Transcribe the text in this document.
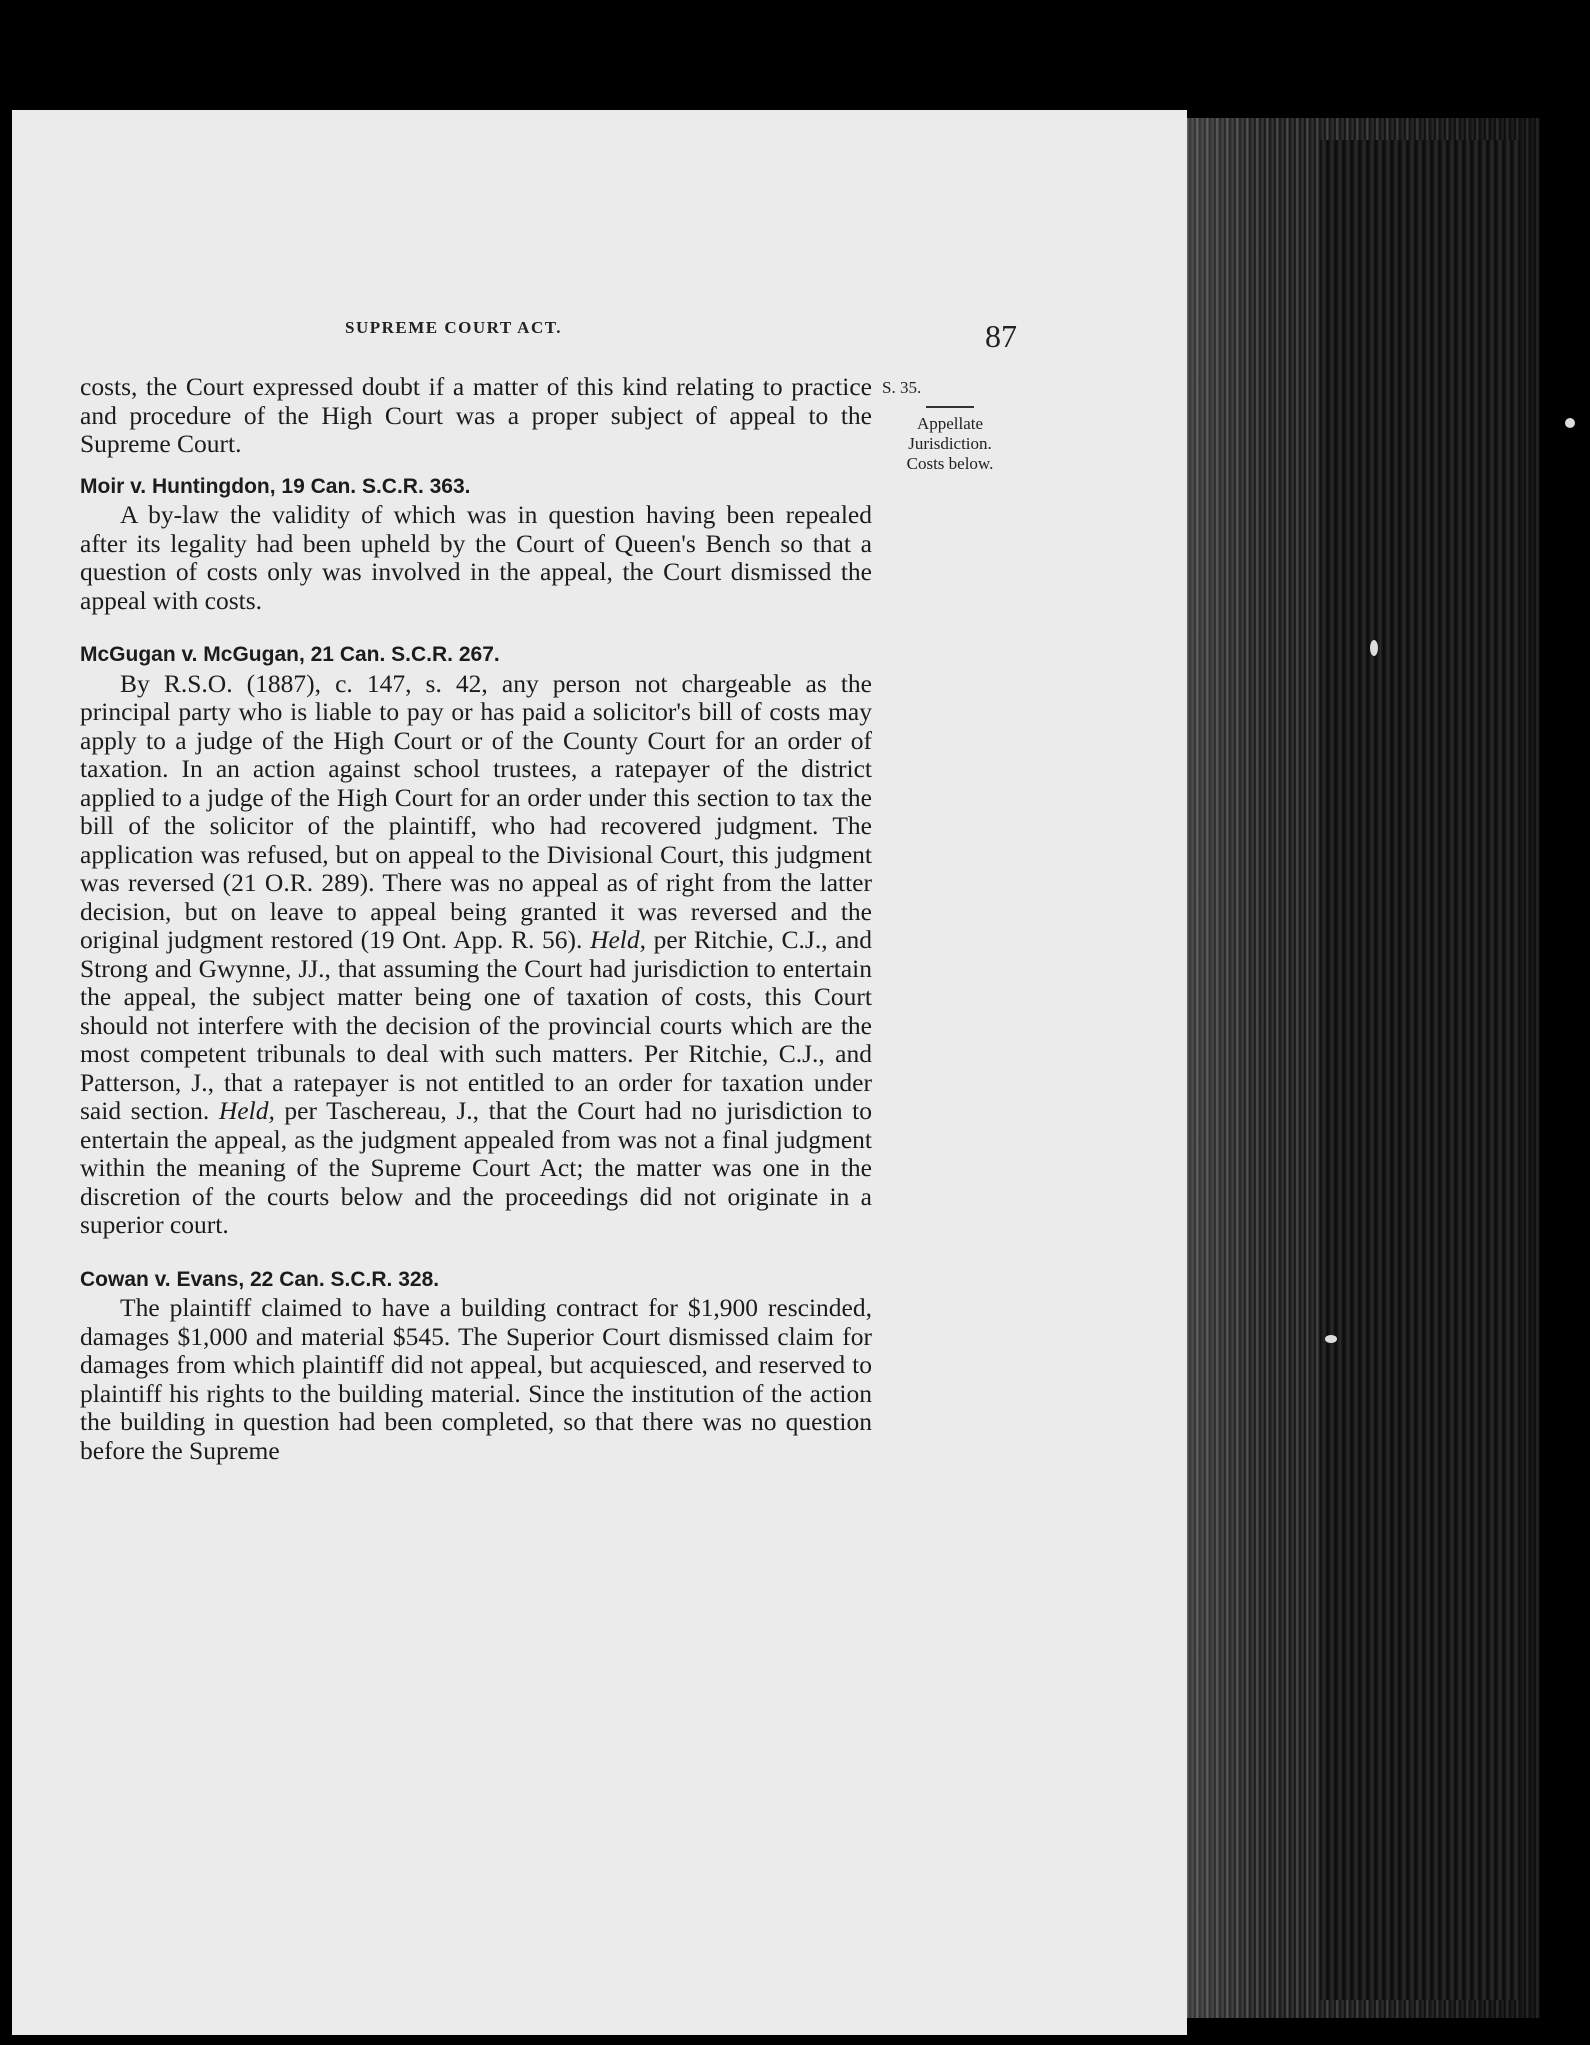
SUPREME COURT ACT.	87
S. 35.
Appellate
Jurisdiction.
Costs below.

costs, the Court expressed doubt if a matter of this kind relating to practice and procedure of the High Court was a proper subject of appeal to the Supreme Court.

Moir v. Huntingdon, 19 Can. S.C.R. 363.

A by-law the validity of which was in question having been repealed after its legality had been upheld by the Court of Queen's Bench so that a question of costs only was involved in the appeal, the Court dismissed the appeal with costs.

McGugan v. McGugan, 21 Can. S.C.R. 267.

By R.S.O. (1887), c. 147, s. 42, any person not chargeable as the principal party who is liable to pay or has paid a solicitor's bill of costs may apply to a judge of the High Court or of the County Court for an order of taxation. In an action against school trustees, a ratepayer of the district applied to a judge of the High Court for an order under this section to tax the bill of the solicitor of the plaintiff, who had recovered judgment. The application was refused, but on appeal to the Divisional Court, this judgment was reversed (21 O.R. 289). There was no appeal as of right from the latter decision, but on leave to appeal being granted it was reversed and the original judgment restored (19 Ont. App. R. 56). Held, per Ritchie, C.J., and Strong and Gwynne, JJ., that assuming the Court had jurisdiction to entertain the appeal, the subject matter being one of taxation of costs, this Court should not interfere with the decision of the provincial courts which are the most competent tribunals to deal with such matters. Per Ritchie, C.J., and Patterson, J., that a ratepayer is not entitled to an order for taxation under said section. Held, per Taschereau, J., that the Court had no jurisdiction to entertain the appeal, as the judgment appealed from was not a final judgment within the meaning of the Supreme Court Act; the matter was one in the discretion of the courts below and the proceedings did not originate in a superior court.

Cowan v. Evans, 22 Can. S.C.R. 328.

The plaintiff claimed to have a building contract for $1,900 rescinded, damages $1,000 and material $545. The Superior Court dismissed claim for damages from which plaintiff did not appeal, but acquiesced, and reserved to plaintiff his rights to the building material. Since the institution of the action the building in question had been completed, so that there was no question before the Supreme
